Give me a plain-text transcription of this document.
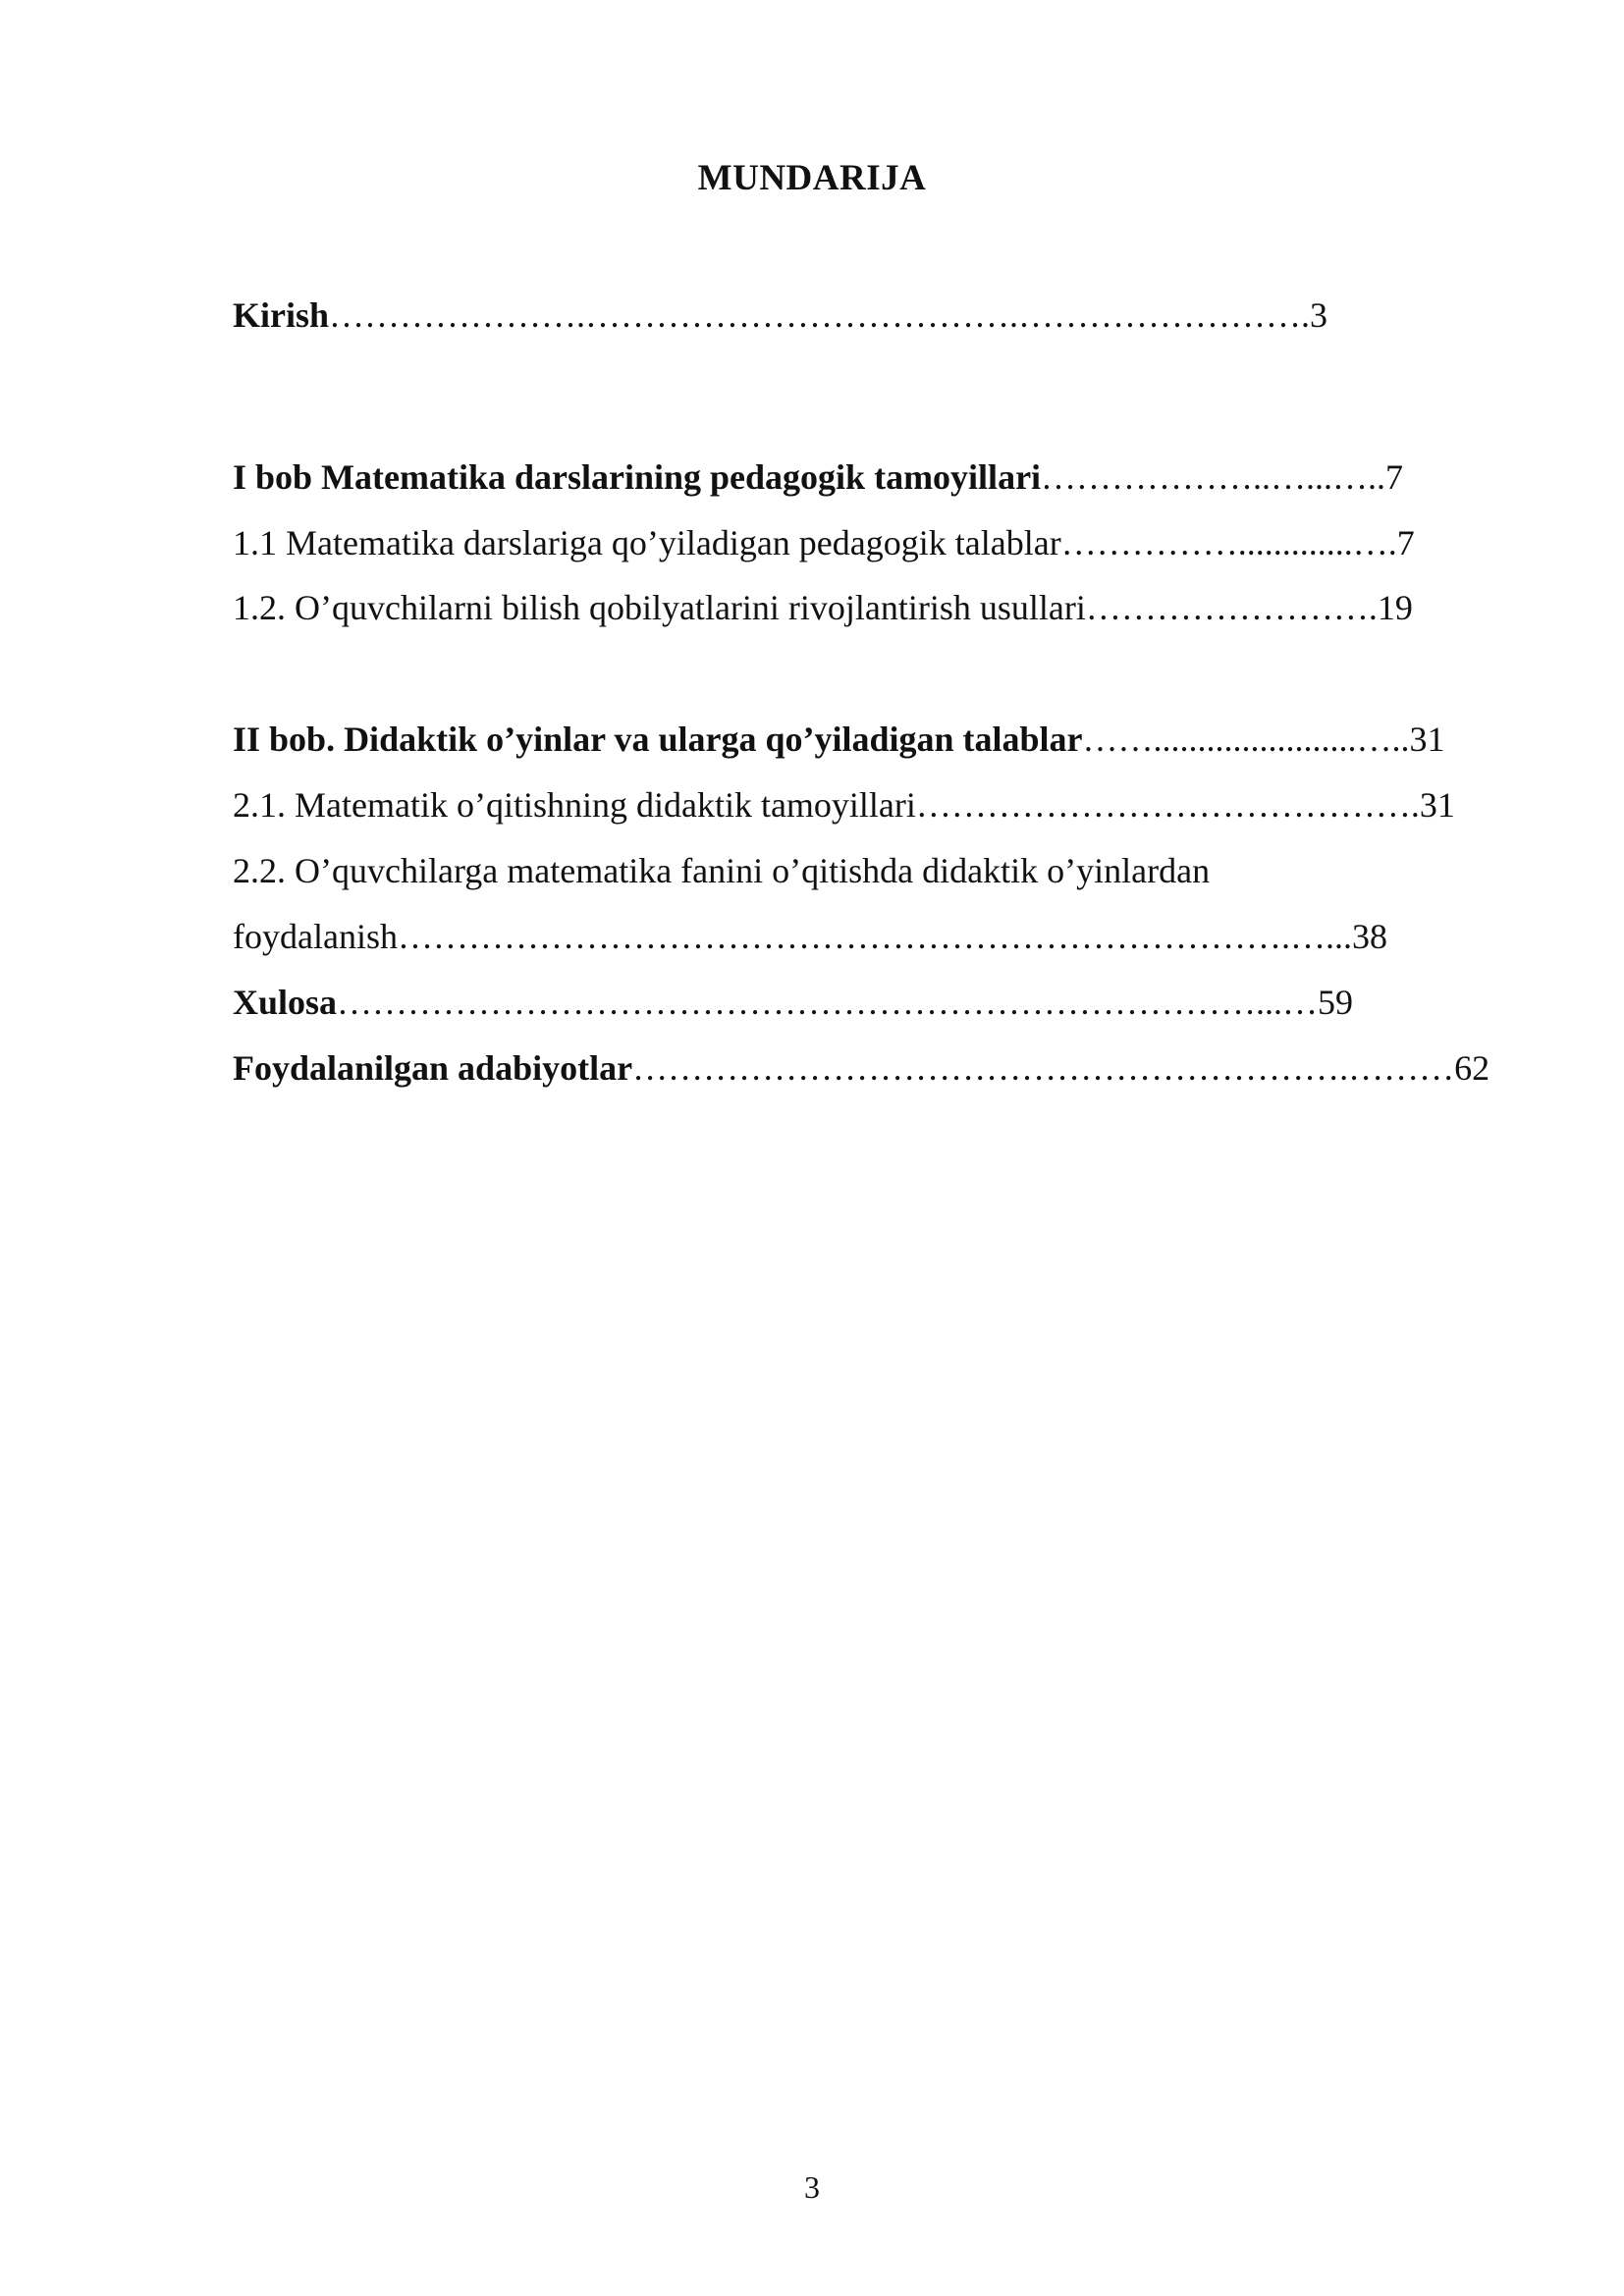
MUNDARIJA
Kirish………………….……………………………….…………………….3
I bob Matematika darslarining pedagogik tamoyillari………………..…...…..7
1.1 Matematika darslariga qo’yiladigan pedagogik talablar…………….............….7
1.2. O’quvchilarni bilish qobilyatlarini rivojlantirish usullari…………………….19
II bob. Didaktik o’yinlar va ularga qo’yiladigan talablar…….......................…..31
2.1. Matematik o’qitishning didaktik tamoyillari…………………………………….31
2.2. O’quvchilarga matematika fanini o’qitishda didaktik o’yinlardan
foydalanish………………………………………………………………….…...38
Xulosa……………………………………………………………………...…59
Foydalanilgan adabiyotlar…………………………………………………….………62
3
